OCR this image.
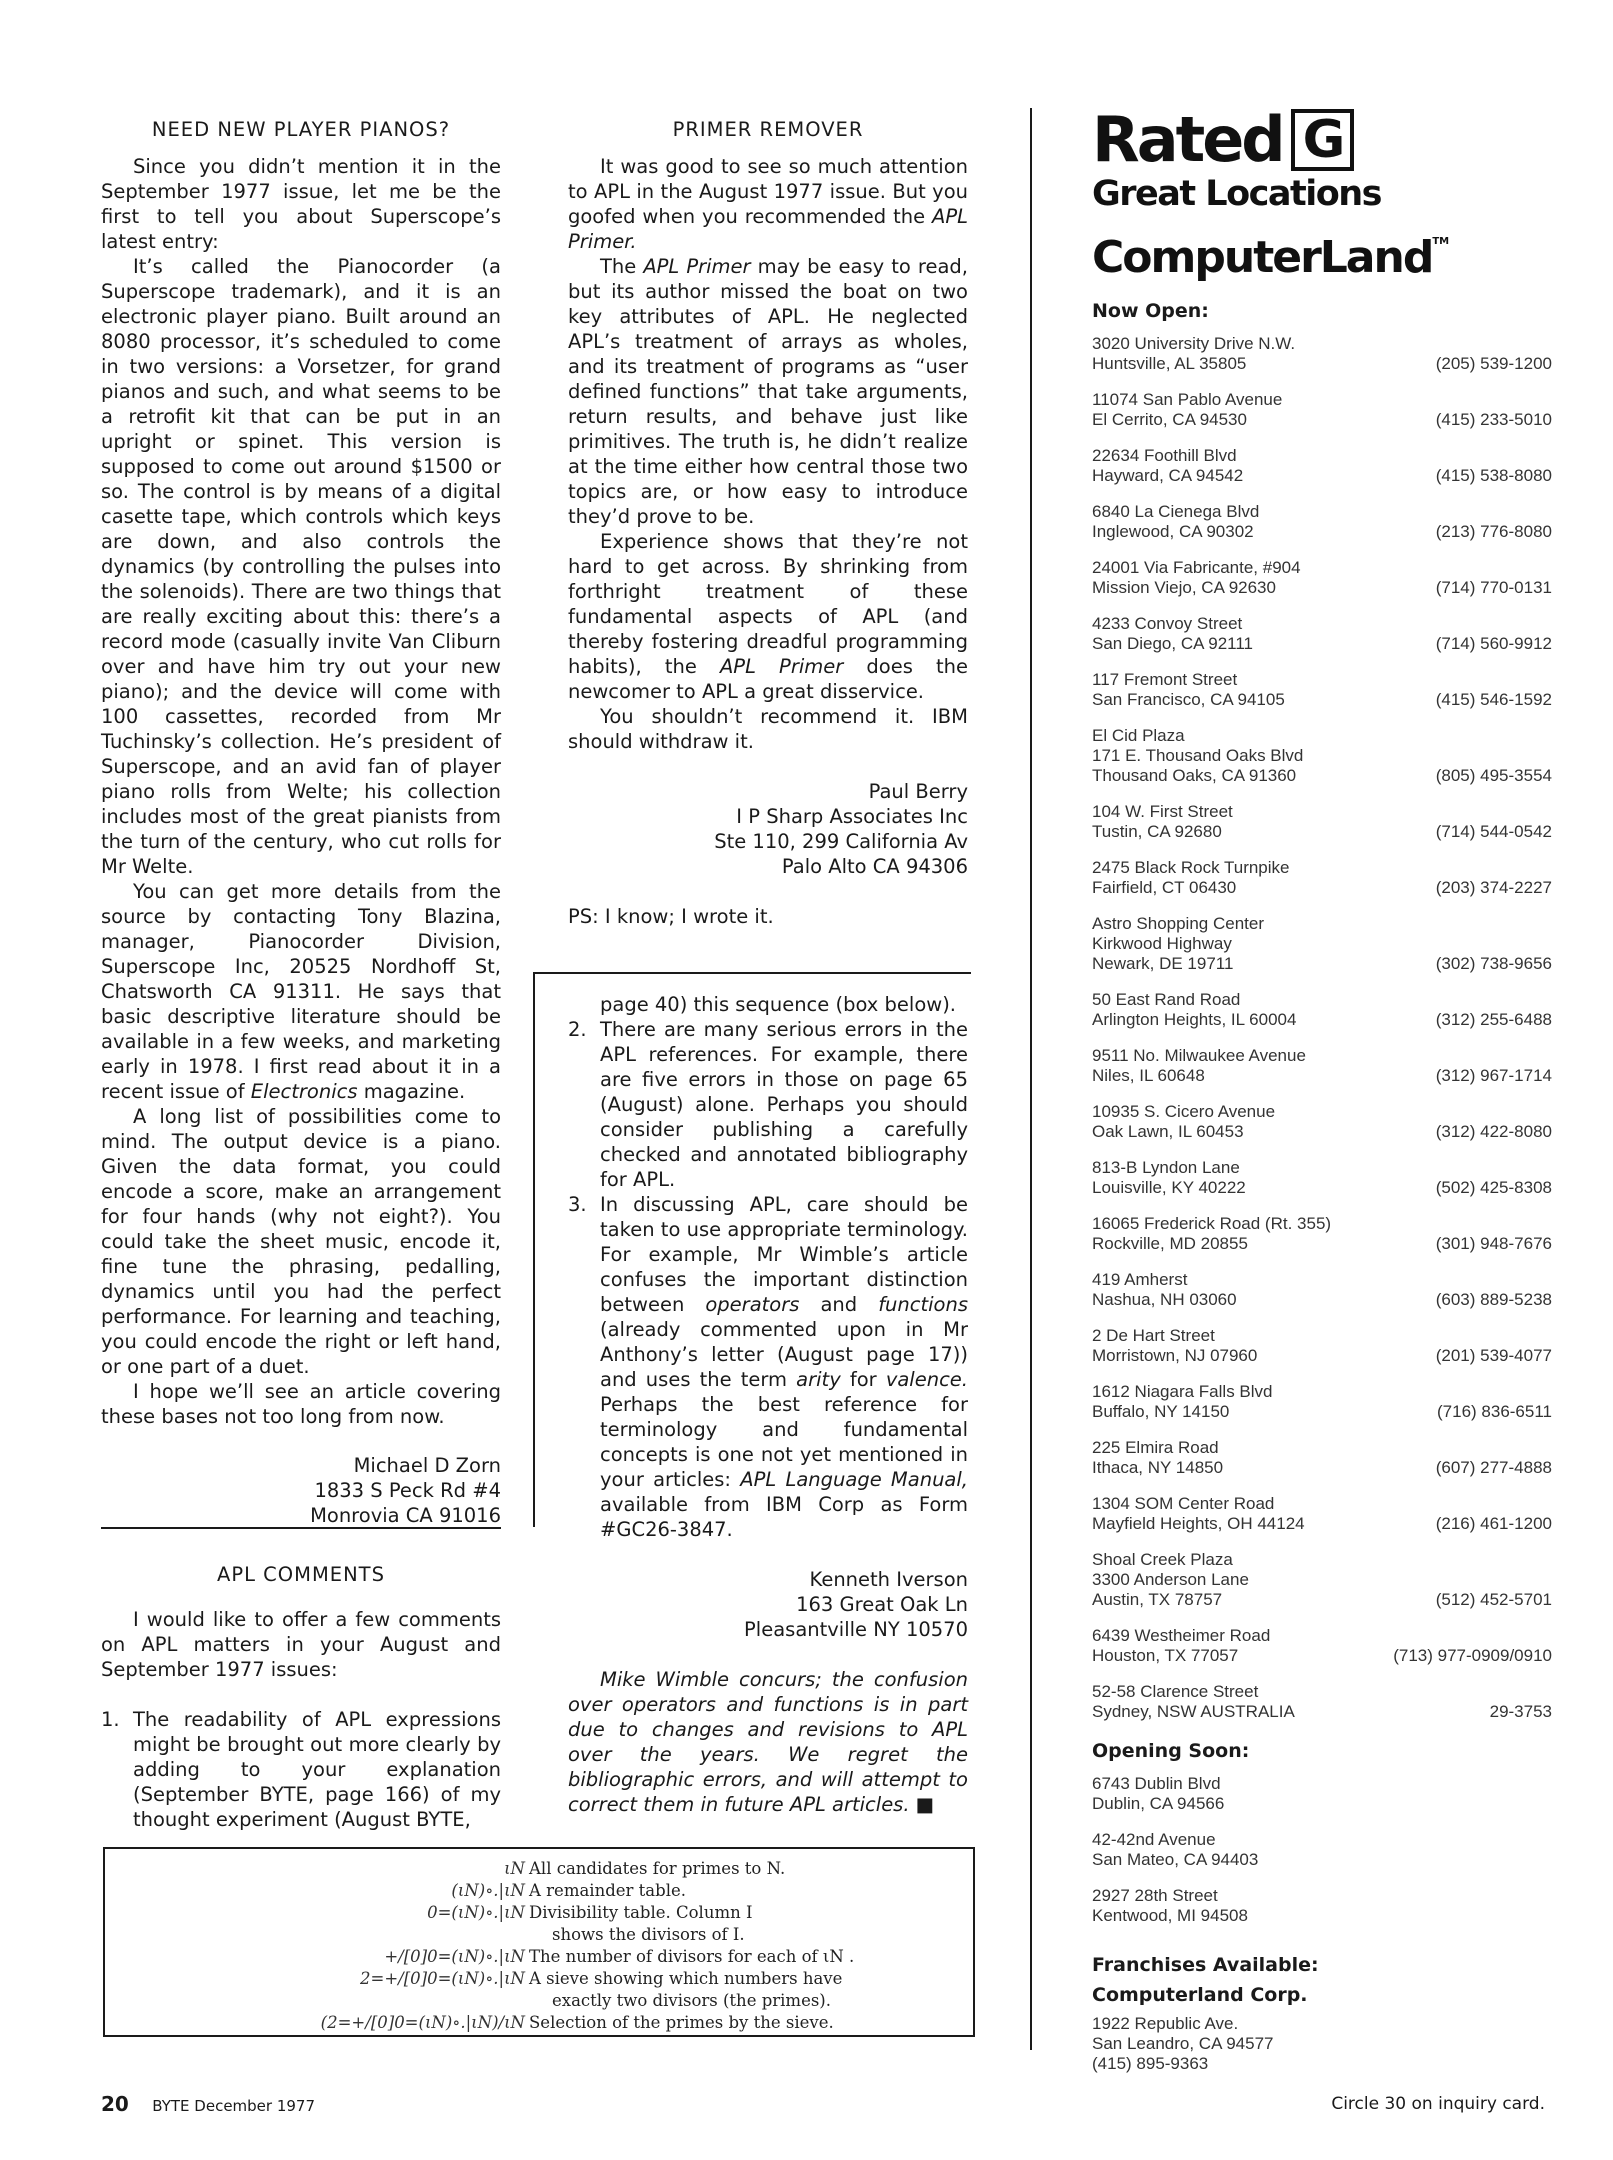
NEED NEW PLAYER PIANOS?

Since you didn’t mention it in the September 1977 issue, let me be the first to tell you about Superscope’s latest entry:

It’s called the Pianocorder (a Superscope trademark), and it is an electronic player piano. Built around an 8080 processor, it’s scheduled to come in two versions: a Vorsetzer, for grand pianos and such, and what seems to be a retrofit kit that can be put in an upright or spinet. This version is supposed to come out around $1500 or so. The control is by means of a digital casette tape, which controls which keys are down, and also controls the dynamics (by controlling the pulses into the solenoids). There are two things that are really exciting about this: there’s a record mode (casually invite Van Cliburn over and have him try out your new piano); and the device will come with 100 cassettes, recorded from Mr Tuchinsky’s collection. He’s president of Superscope, and an avid fan of player piano rolls from Welte; his collection includes most of the great pianists from the turn of the century, who cut rolls for Mr Welte.

You can get more details from the source by contacting Tony Blazina, manager, Pianocorder Division, Superscope Inc, 20525 Nordhoff St, Chatsworth CA 91311. He says that basic descriptive literature should be available in a few weeks, and marketing early in 1978. I first read about it in a recent issue of Electronics magazine.

A long list of possibilities come to mind. The output device is a piano. Given the data format, you could encode a score, make an arrangement for four hands (why not eight?). You could take the sheet music, encode it, fine tune the phrasing, pedalling, dynamics until you had the perfect performance. For learning and teaching, you could encode the right or left hand, or one part of a duet.

I hope we’ll see an article covering these bases not too long from now.

Michael D Zorn
1833 S Peck Rd #4
Monrovia CA 91016
APL COMMENTS

I would like to offer a few comments on APL matters in your August and September 1977 issues:

1. The readability of APL expressions might be brought out more clearly by adding to your explanation (September BYTE, page 166) of my thought experiment (August BYTE,
PRIMER REMOVER

It was good to see so much attention to APL in the August 1977 issue. But you goofed when you recommended the APL Primer.

The APL Primer may be easy to read, but its author missed the boat on two key attributes of APL. He neglected APL’s treatment of arrays as wholes, and its treatment of programs as “user defined functions” that take arguments, return results, and behave just like primitives. The truth is, he didn’t realize at the time either how central those two topics are, or how easy to introduce they’d prove to be.

Experience shows that they’re not hard to get across. By shrinking from forthright treatment of these fundamental aspects of APL (and thereby fostering dreadful programming habits), the APL Primer does the newcomer to APL a great disservice.

You shouldn’t recommend it. IBM should withdraw it.

Paul Berry
I P Sharp Associates Inc
Ste 110, 299 California Av
Palo Alto CA 94306

PS: I know; I wrote it.

page 40) this sequence (box below).
2. There are many serious errors in the APL references. For example, there are five errors in those on page 65 (August) alone. Perhaps you should consider publishing a carefully checked and annotated bibliography for APL.
3. In discussing APL, care should be taken to use appropriate terminology. For example, Mr Wimble’s article confuses the important distinction between operators and functions (already commented upon in Mr Anthony’s letter (August page 17)) and uses the term arity for valence. Perhaps the best reference for terminology and fundamental concepts is one not yet mentioned in your articles: APL Language Manual, available from IBM Corp as Form #GC26-3847.
Kenneth Iverson
163 Great Oak Ln
Pleasantville NY 10570

Mike Wimble concurs; the confusion over operators and functions is in part due to changes and revisions to APL over the years. We regret the bibliographic errors, and will attempt to correct them in future APL articles. ■

ιN All candidates for primes to N.
(ιN)∘.|ιN A remainder table.
0=(ιN)∘.|ιN Divisibility table. Column I
shows the divisors of I.
+/[0]0=(ιN)∘.|ιN The number of divisors for each of ιN .
2=+/[0]0=(ιN)∘.|ιN A sieve showing which numbers have
exactly two divisors (the primes).
(2=+/[0]0=(ιN)∘.|ιN)/ιN Selection of the primes by the sieve.
Rated G
Great Locations
ComputerLand™
Now Open:
3020 University Drive N.W.
Huntsville, AL 35805	(205) 539-1200
11074 San Pablo Avenue
El Cerrito, CA 94530	(415) 233-5010
22634 Foothill Blvd
Hayward, CA 94542	(415) 538-8080
6840 La Cienega Blvd
Inglewood, CA 90302	(213) 776-8080
24001 Via Fabricante, #904
Mission Viejo, CA 92630	(714) 770-0131
4233 Convoy Street
San Diego, CA 92111	(714) 560-9912
117 Fremont Street
San Francisco, CA 94105	(415) 546-1592
El Cid Plaza
171 E. Thousand Oaks Blvd
Thousand Oaks, CA 91360	(805) 495-3554
104 W. First Street
Tustin, CA 92680	(714) 544-0542
2475 Black Rock Turnpike
Fairfield, CT 06430	(203) 374-2227
Astro Shopping Center
Kirkwood Highway
Newark, DE 19711	(302) 738-9656
50 East Rand Road
Arlington Heights, IL 60004	(312) 255-6488
9511 No. Milwaukee Avenue
Niles, IL 60648	(312) 967-1714
10935 S. Cicero Avenue
Oak Lawn, IL 60453	(312) 422-8080
813-B Lyndon Lane
Louisville, KY 40222	(502) 425-8308
16065 Frederick Road (Rt. 355)
Rockville, MD 20855	(301) 948-7676
419 Amherst
Nashua, NH 03060	(603) 889-5238
2 De Hart Street
Morristown, NJ 07960	(201) 539-4077
1612 Niagara Falls Blvd
Buffalo, NY 14150	(716) 836-6511
225 Elmira Road
Ithaca, NY 14850	(607) 277-4888
1304 SOM Center Road
Mayfield Heights, OH 44124	(216) 461-1200
Shoal Creek Plaza
3300 Anderson Lane
Austin, TX 78757	(512) 452-5701
6439 Westheimer Road
Houston, TX 77057	(713) 977-0909/0910
52-58 Clarence Street
Sydney, NSW AUSTRALIA	29-3753
Opening Soon:
6743 Dublin Blvd
Dublin, CA 94566
42-42nd Avenue
San Mateo, CA 94403
2927 28th Street
Kentwood, MI 94508
Franchises Available:
Computerland Corp.
1922 Republic Ave.
San Leandro, CA 94577
(415) 895-9363
20 BYTE December 1977	Circle 30 on inquiry card.
